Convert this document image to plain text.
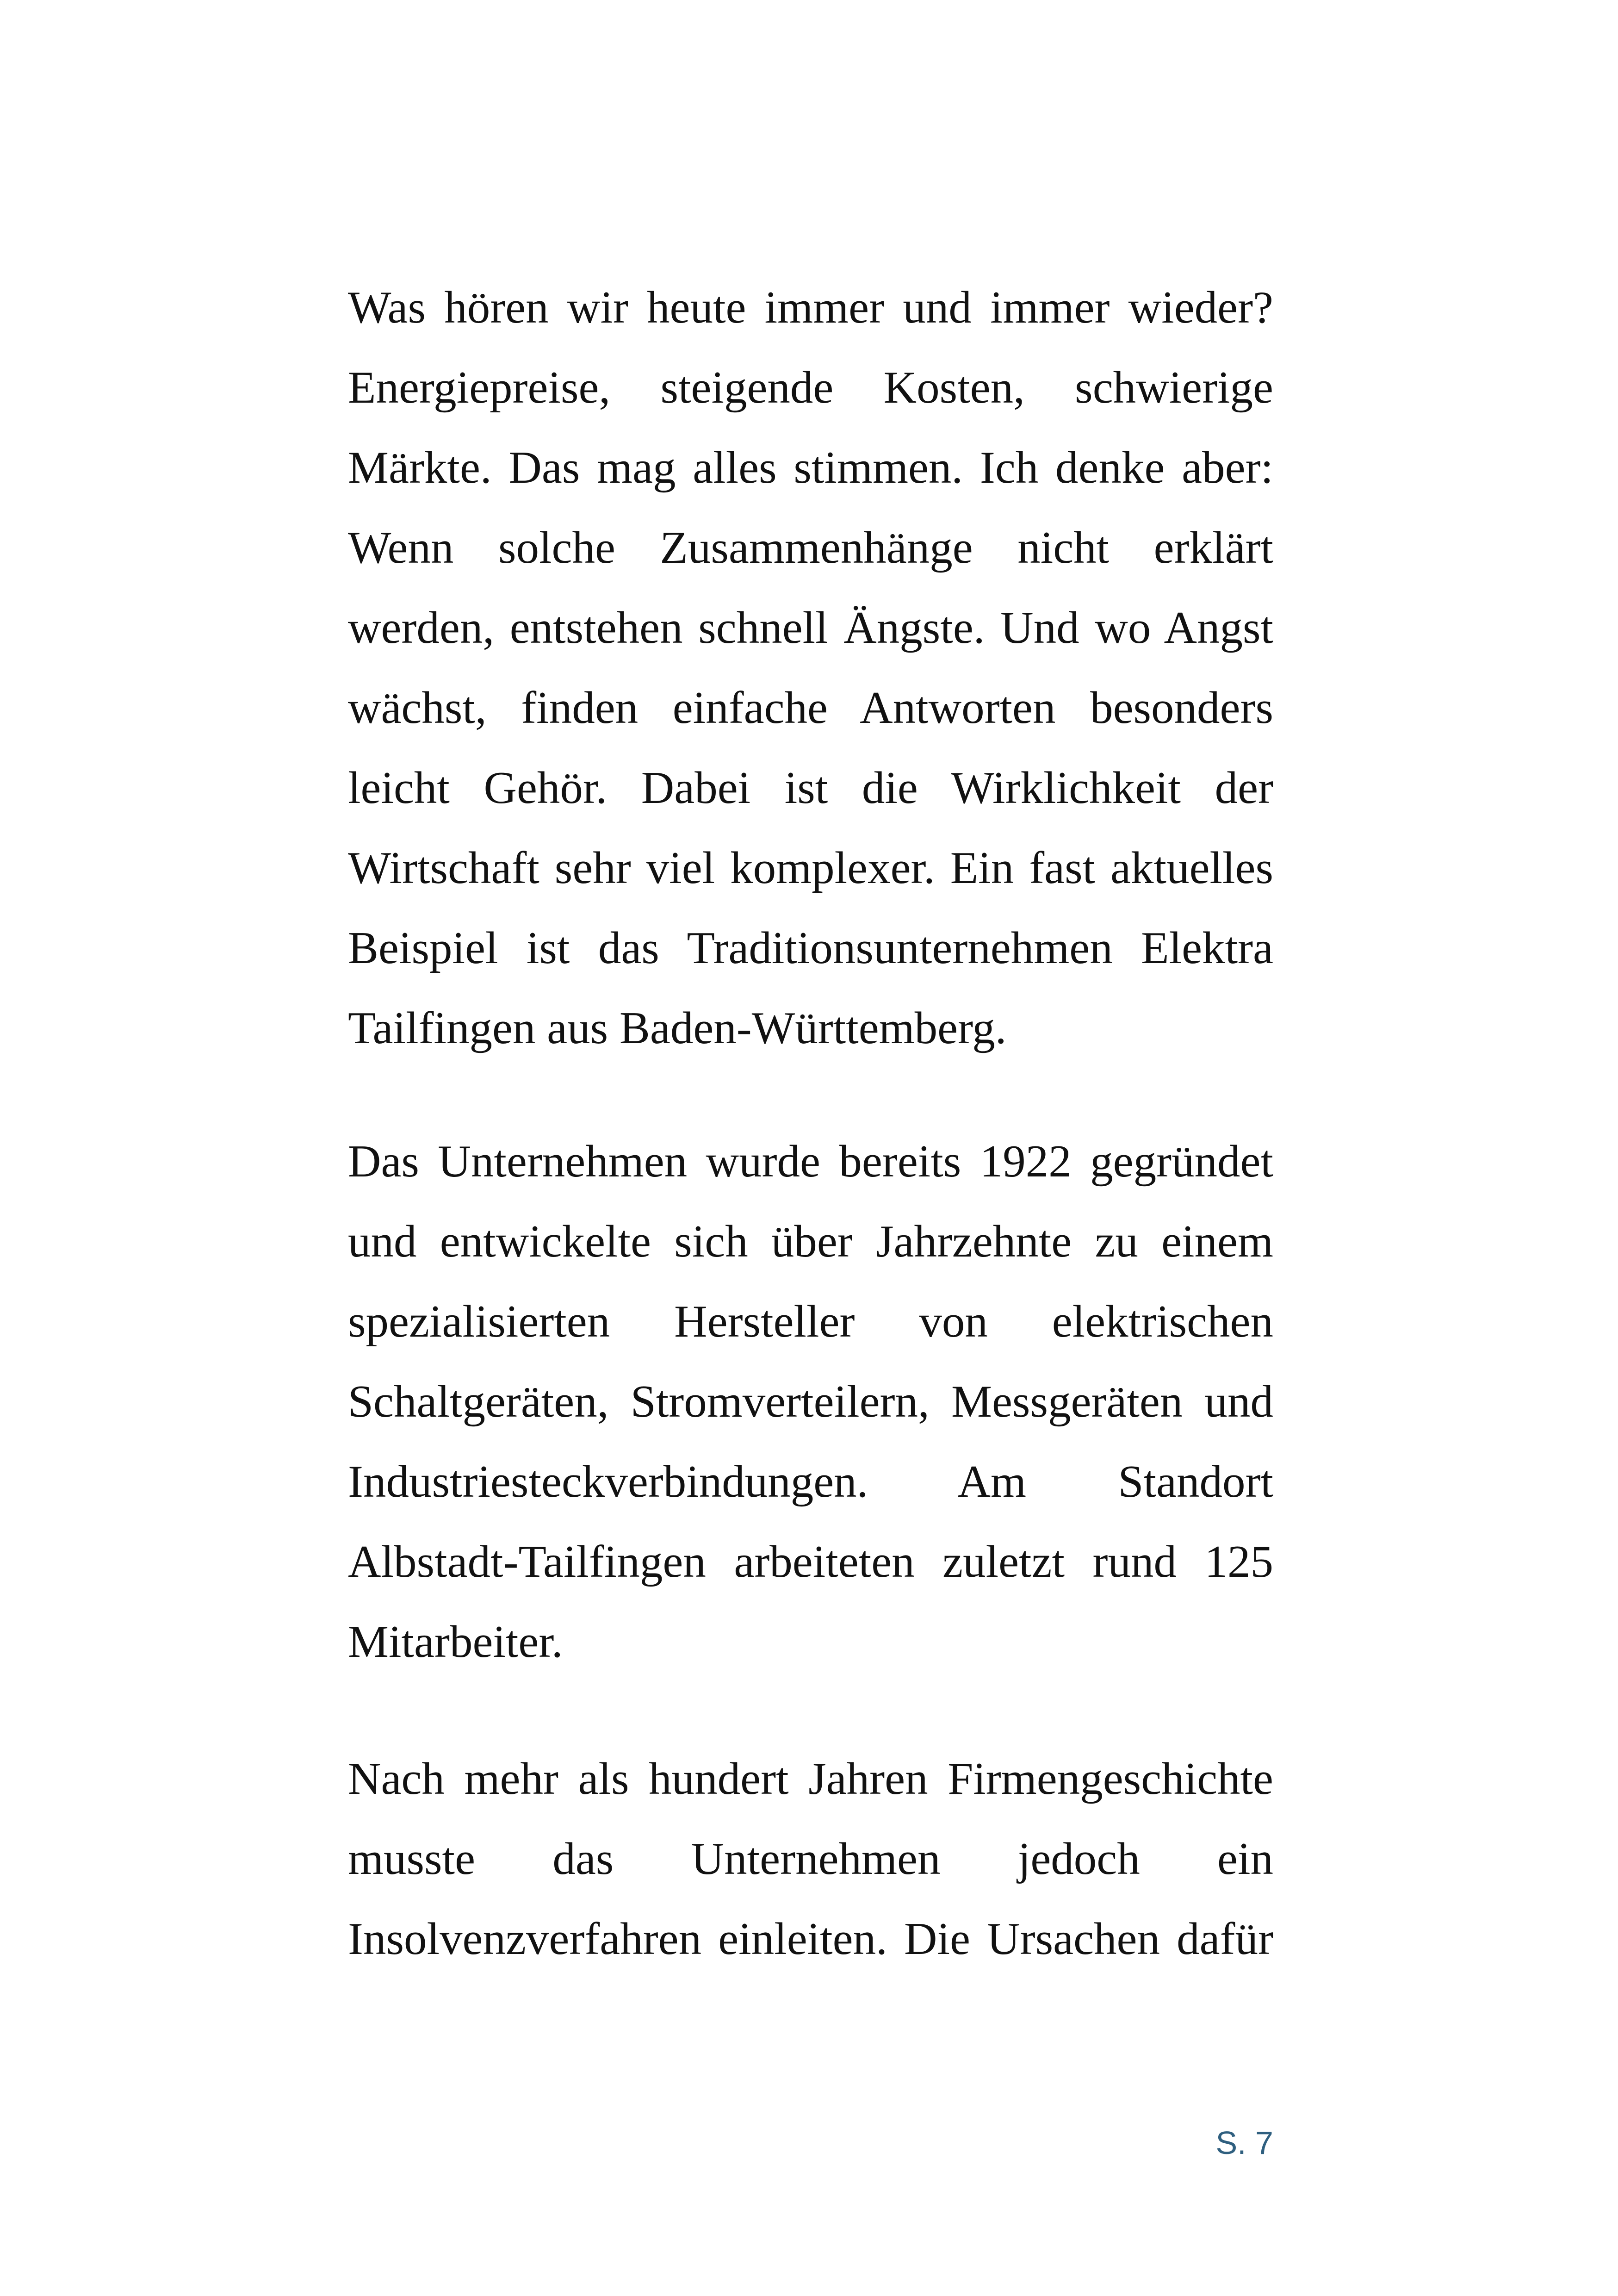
Was hören wir heute immer und immer wieder?
Energiepreise, steigende Kosten, schwierige
Märkte. Das mag alles stimmen. Ich denke aber:
Wenn solche Zusammenhänge nicht erklärt
werden, entstehen schnell Ängste. Und wo Angst
wächst, finden einfache Antworten besonders
leicht Gehör. Dabei ist die Wirklichkeit der
Wirtschaft sehr viel komplexer. Ein fast aktuelles
Beispiel ist das Traditionsunternehmen Elektra
Tailfingen aus Baden-Württemberg.
Das Unternehmen wurde bereits 1922 gegründet
und entwickelte sich über Jahrzehnte zu einem
spezialisierten Hersteller von elektrischen
Schaltgeräten, Stromverteilern, Messgeräten und
Industriesteckverbindungen. Am Standort
Albstadt-Tailfingen arbeiteten zuletzt rund 125
Mitarbeiter.
Nach mehr als hundert Jahren Firmengeschichte
musste das Unternehmen jedoch ein
Insolvenzverfahren einleiten. Die Ursachen dafür
S. 7
